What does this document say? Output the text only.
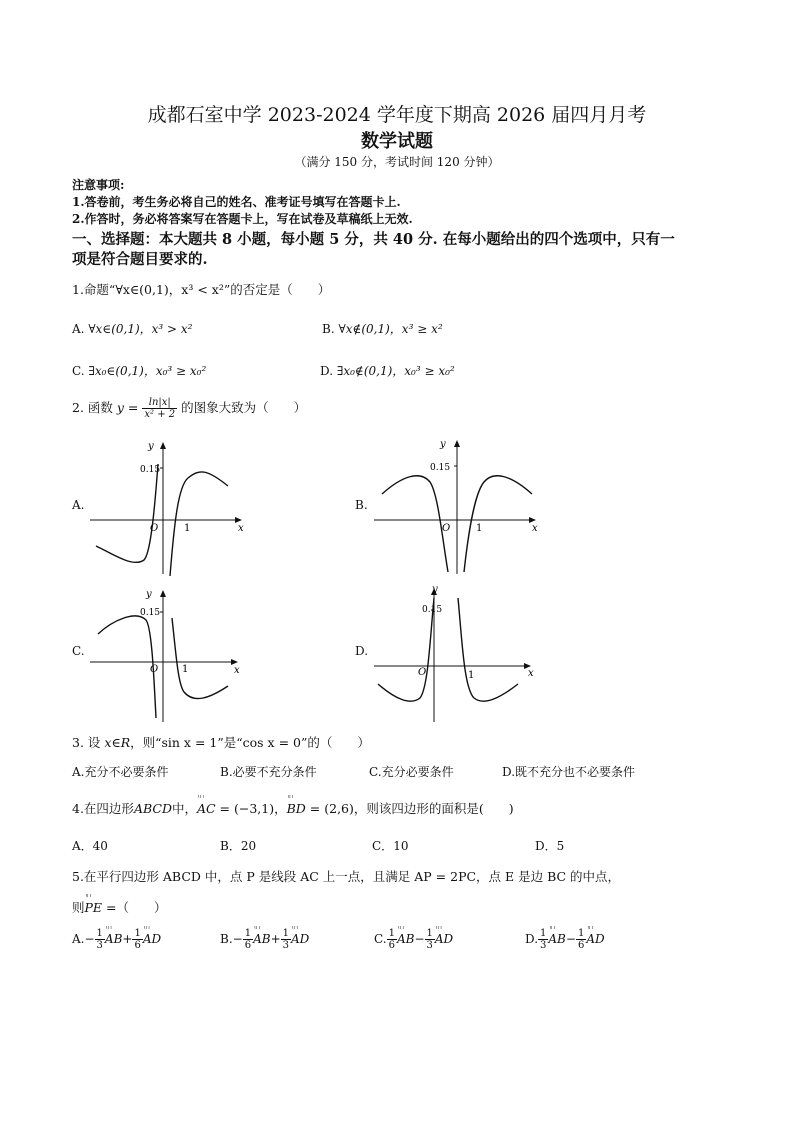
成都石室中学 2023-2024 学年度下期高 2026 届四月月考
数学试题
（满分 150 分，考试时间 120 分钟）
注意事项:
1.答卷前，考生务必将自己的姓名、准考证号填写在答题卡上.
2.作答时，务必将答案写在答题卡上，写在试卷及草稿纸上无效.
一、选择题：本大题共 8 小题，每小题 5 分，共 40 分. 在每小题给出的四个选项中，只有一
项是符合题目要求的.
1.命题“∀x∈(0,1)，x³ < x²”的否定是（　　）
A. ∀x∈(0,1)，x³ > x²	B. ∀x∉(0,1)，x³ ≥ x²
C. ∃x₀∈(0,1)，x₀³ ≥ x₀²	D. ∃x₀∉(0,1)，x₀³ ≥ x₀²
2. 函数 $y = \frac{\ln|x|}{\text{x² + 2}}$ 的图象大致为（　　）
A.	B.
C.	D.
x
y
O	1
0.15
x
y
O	1
0.15
x
y
O 1
0.15
x
y
O	1
0.15
3. 设 x∈R，则“sin x = 1”是“cos x = 0”的（　　）
A.充分不必要条件	B.必要不充分条件	C.充分必要条件	D.既不充分也不必要条件
4.在四边形ABCD中，ய AC = (−3,1)，ய BD = (2,6)，则该四边形的面积是(　　)
A．40	B．20	C．10	D．5
5.在平行四边形 ABCD 中，点 P 是线段 AC 上一点，且满足 AP = 2PC，点 E 是边 BC 的中点，
则ய PE =（　　）
$A.- \frac{1}{3}$ ய $AB+ \frac{1}{6}$ ய AD	$B.- \frac{1}{6}$ ய $AB+ \frac{1}{3}$ ய AD	C. $\frac{1}{6}$ ய $AB- \frac{1}{3}$ ய AD	D. $\frac{1}{3}$ ய $AB- \frac{1}{6}$ ய AD
